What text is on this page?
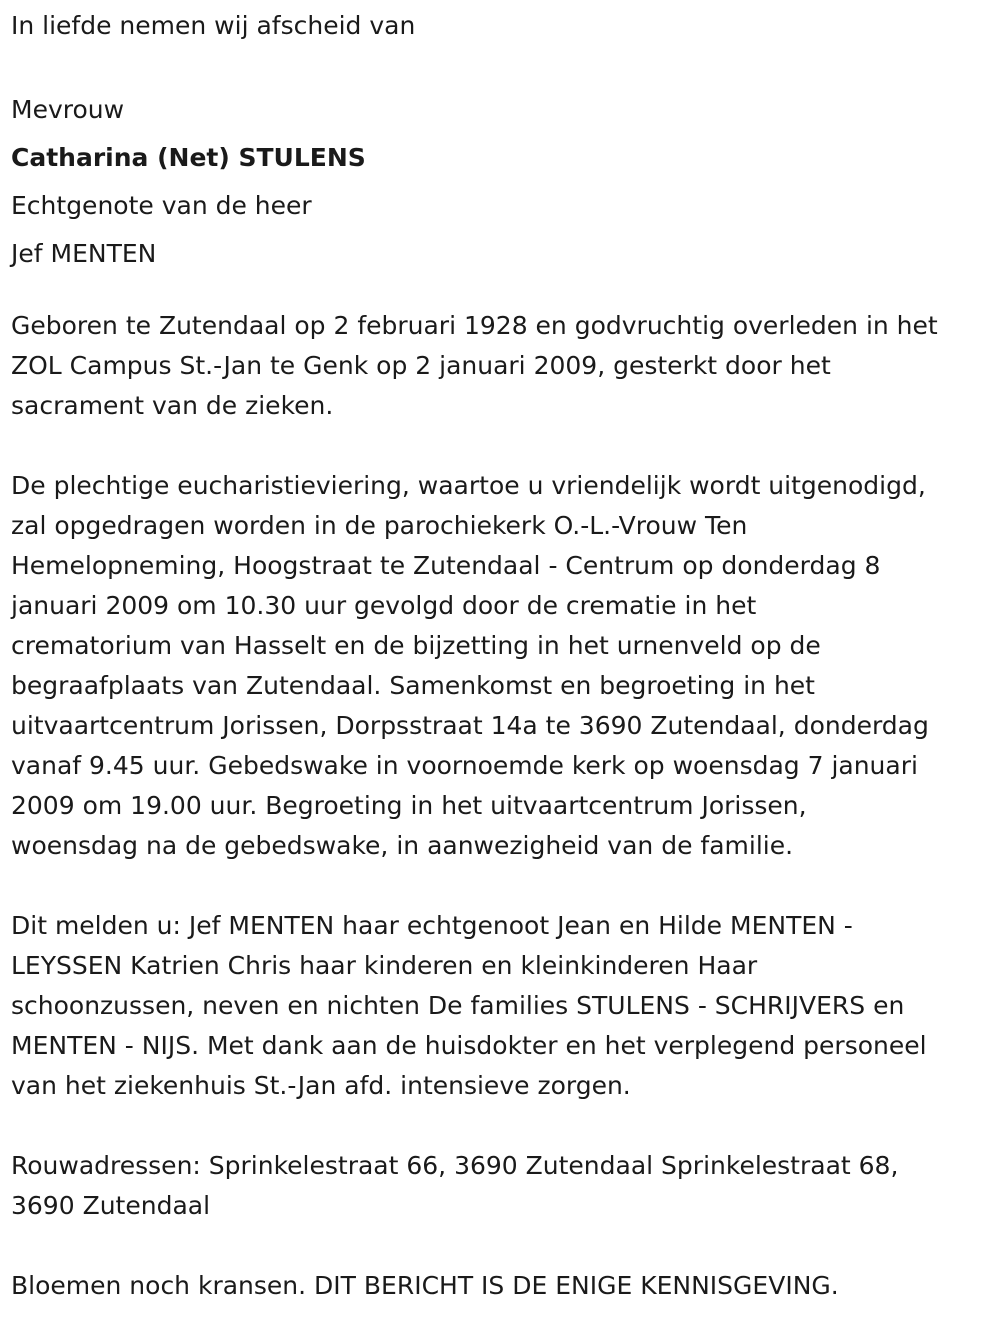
In liefde nemen wij afscheid van
Mevrouw
Catharina (Net) STULENS
Echtgenote van de heer
Jef MENTEN
Geboren te Zutendaal op 2 februari 1928 en godvruchtig overleden in het
ZOL Campus St.-Jan te Genk op 2 januari 2009, gesterkt door het
sacrament van de zieken.
De plechtige eucharistieviering, waartoe u vriendelijk wordt uitgenodigd,
zal opgedragen worden in de parochiekerk O.-L.-Vrouw Ten
Hemelopneming, Hoogstraat te Zutendaal - Centrum op donderdag 8
januari 2009 om 10.30 uur gevolgd door de crematie in het
crematorium van Hasselt en de bijzetting in het urnenveld op de
begraafplaats van Zutendaal. Samenkomst en begroeting in het
uitvaartcentrum Jorissen, Dorpsstraat 14a te 3690 Zutendaal, donderdag
vanaf 9.45 uur. Gebedswake in voornoemde kerk op woensdag 7 januari
2009 om 19.00 uur. Begroeting in het uitvaartcentrum Jorissen,
woensdag na de gebedswake, in aanwezigheid van de familie.
Dit melden u: Jef MENTEN haar echtgenoot Jean en Hilde MENTEN -
LEYSSEN Katrien Chris haar kinderen en kleinkinderen Haar
schoonzussen, neven en nichten De families STULENS - SCHRIJVERS en
MENTEN - NIJS. Met dank aan de huisdokter en het verplegend personeel
van het ziekenhuis St.-Jan afd. intensieve zorgen.
Rouwadressen: Sprinkelestraat 66, 3690 Zutendaal Sprinkelestraat 68,
3690 Zutendaal
Bloemen noch kransen. DIT BERICHT IS DE ENIGE KENNISGEVING.
